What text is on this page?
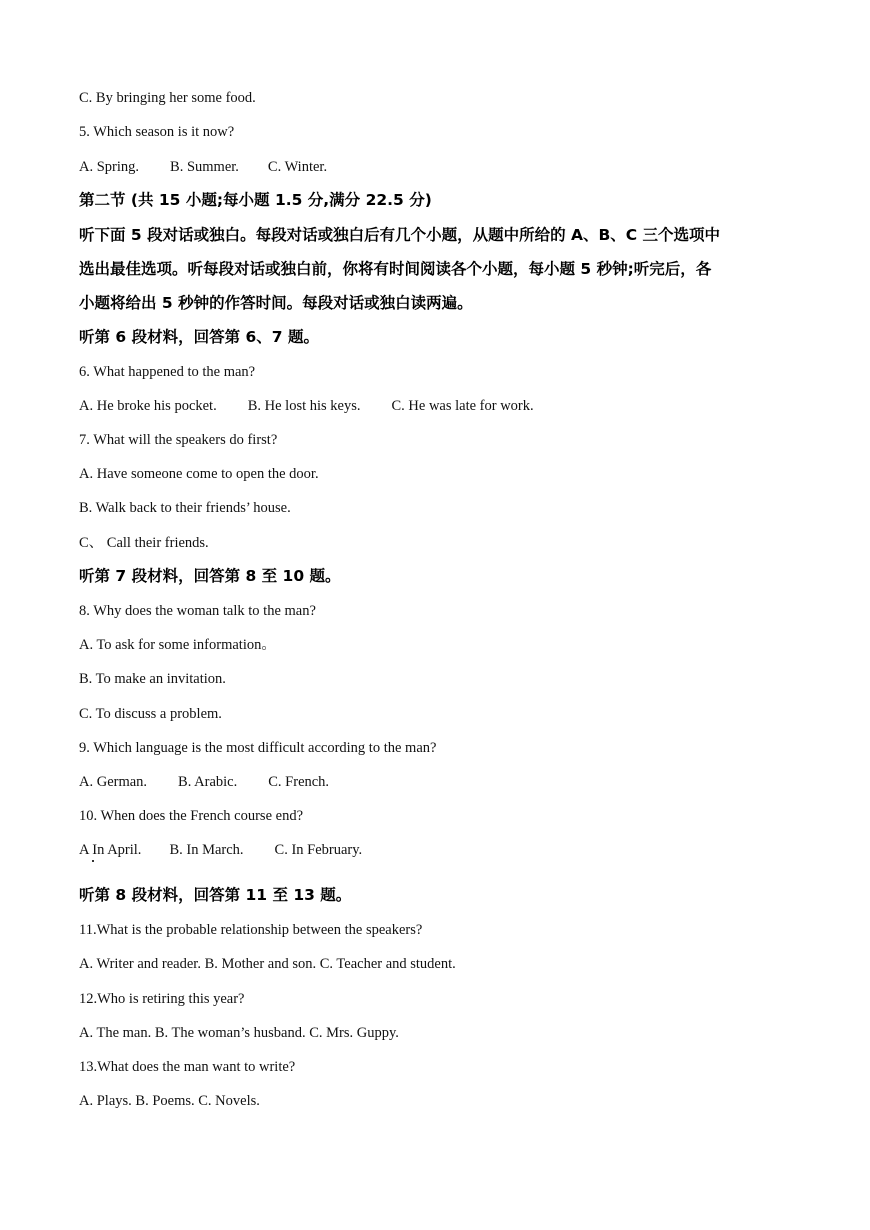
C. By bringing her some food.
5. Which season is it now?
A. Spring. B. Summer. C. Winter.
第二节 (共 15 小题;每小题 1.5 分,满分 22.5 分)
听下面 5 段对话或独白。每段对话或独白后有几个小题，从题中所给的 A、B、C 三个选项中
选出最佳选项。听每段对话或独白前，你将有时间阅读各个小题，每小题 5 秒钟;听完后，各
小题将给出 5 秒钟的作答时间。每段对话或独白读两遍。
听第 6 段材料，回答第 6、7 题。
6. What happened to the man?
A. He broke his pocket. B. He lost his keys. C. He was late for work.
7. What will the speakers do first?
A. Have someone come to open the door.
B. Walk back to their friends’ house.
C、 Call their friends.
听第 7 段材料，回答第 8 至 10 题。
8. Why does the woman talk to the man?
A. To ask for some information。
B. To make an invitation.
C. To discuss a problem.
9. Which language is the most difficult according to the man?
A. German. B. Arabic. C. French.
10. When does the French course end?
A In April. B. In March. C. In February.
听第 8 段材料，回答第 11 至 13 题。
11.What is the probable relationship between the speakers?
A. Writer and reader. B. Mother and son. C. Teacher and student.
12.Who is retiring this year?
A. The man. B. The woman’s husband. C. Mrs. Guppy.
13.What does the man want to write?
A. Plays. B. Poems. C. Novels.
